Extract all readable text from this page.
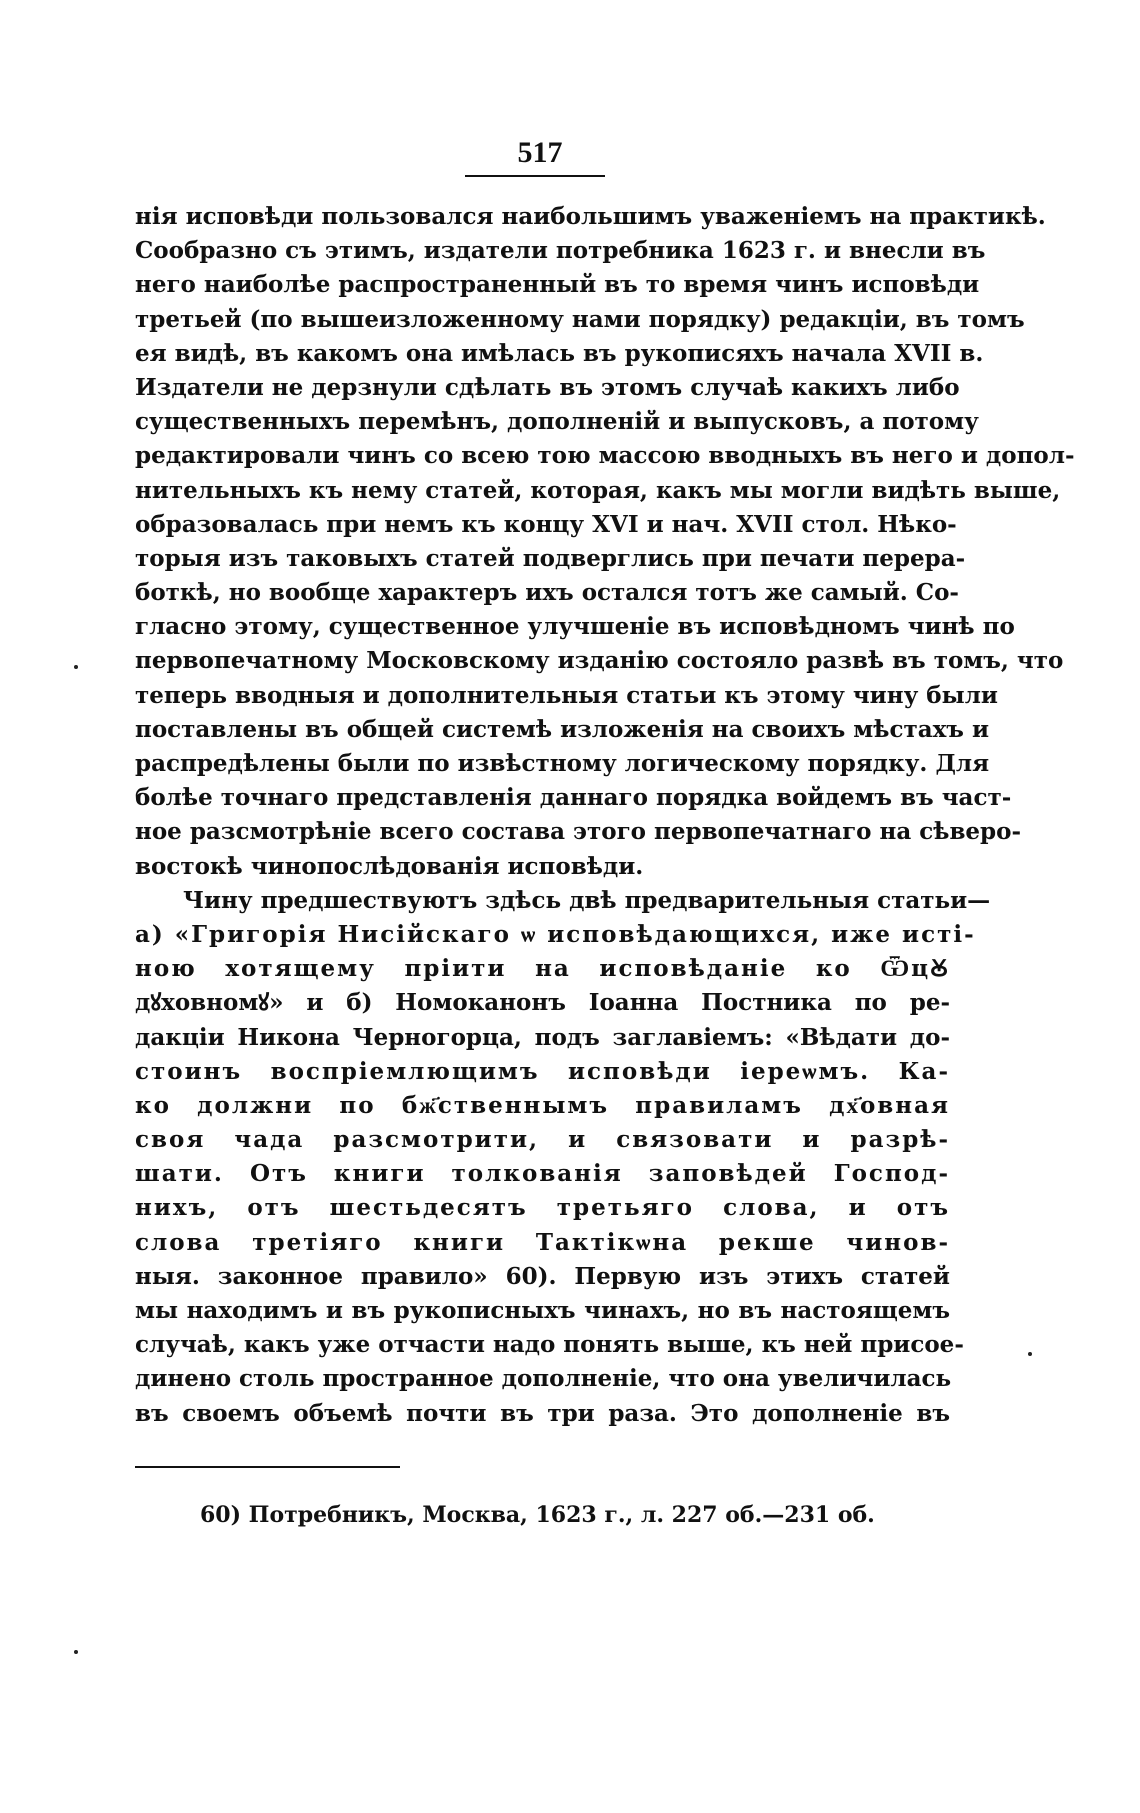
517
нія исповѣди пользовался наибольшимъ уваженіемъ на практикѣ.
Сообразно съ этимъ, издатели потребника 1623 г. и внесли въ
него наиболѣе распространенный въ то время чинъ исповѣди
третьей (по вышеизложенному нами порядку) редакціи, въ томъ
ея видѣ, въ какомъ она имѣлась въ рукописяхъ начала XVII в.
Издатели не дерзнули сдѣлать въ этомъ случаѣ какихъ либо
существенныхъ перемѣнъ, дополненій и выпусковъ, а потому
редактировали чинъ со всею тою массою вводныхъ въ него и допол-
нительныхъ къ нему статей, которая, какъ мы могли видѣть выше,
образовалась при немъ къ концу XVI и нач. XVII стол. Нѣко-
торыя изъ таковыхъ статей подверглись при печати перера-
боткѣ, но вообще характеръ ихъ остался тотъ же самый. Со-
гласно этому, существенное улучшеніе въ исповѣдномъ чинѣ по
первопечатному Московскому изданію состояло развѣ въ томъ, что
теперь вводныя и дополнительныя статьи къ этому чину были
поставлены въ общей системѣ изложенія на своихъ мѣстахъ и
распредѣлены были по извѣстному логическому порядку. Для
болѣе точнаго представленія даннаго порядка войдемъ въ част-
ное разсмотрѣніе всего состава этого первопечатнаго на сѣверо-
востокѣ чинопослѣдованія исповѣди.
Чину предшествуютъ здѣсь двѣ предварительныя статьи—
а) «Григорія Нисійскаго ѡ исповѣдающихся, иже исті-
ною хотящему пріити на исповѣданіе ко ѾцꙊ
дꙋховномꙋ» и б) Номоканонъ Іоанна Постника по ре-
дакціи Никона Черногорца, подъ заглавіемъ: «Вѣдати до-
стоинъ воспріемлющимъ исповѣди іереѡмъ. Ка-
ко должни по бж҃ственнымъ правиламъ дх҃овная
своя чада разсмотрити, и связовати и разрѣ-
шати. Отъ книги толкованія заповѣдей Господ-
нихъ, отъ шестьдесятъ третьяго слова, и отъ
слова третіяго книги Тактікѡна рекше чинов-
ныя. законное правило» 60). Первую изъ этихъ статей
мы находимъ и въ рукописныхъ чинахъ, но въ настоящемъ
случаѣ, какъ уже отчасти надо понять выше, къ ней присое-
динено столь пространное дополненіе, что она увеличилась
въ своемъ объемѣ почти въ три раза. Это дополненіе въ
60) Потребникъ, Москва, 1623 г., л. 227 об.—231 об.
